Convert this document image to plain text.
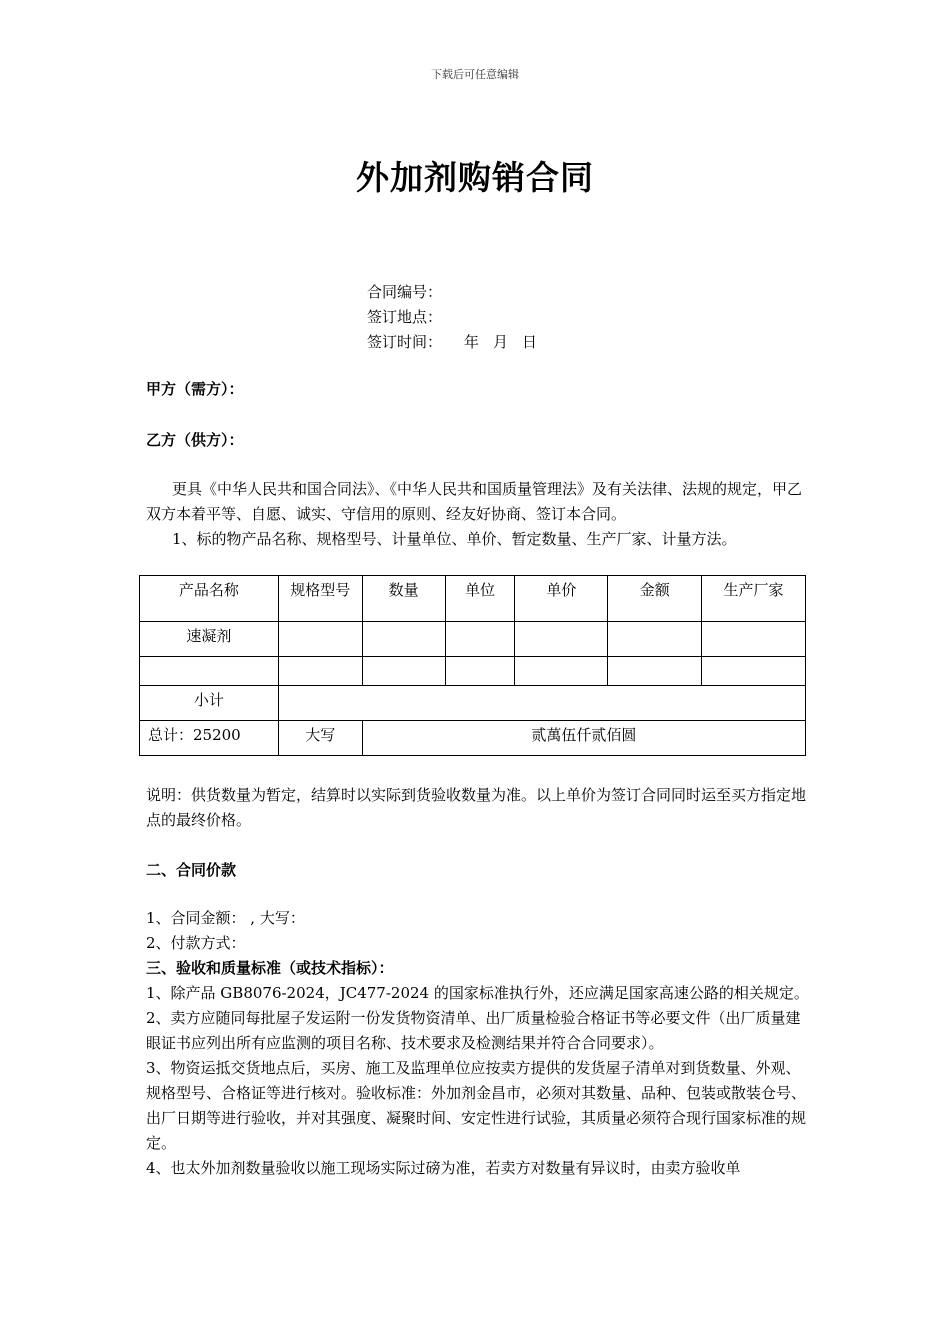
下载后可任意编辑
外加剂购销合同
合同编号：
签订地点：
签订时间： 年 月 日
甲方（需方）：
乙方（供方）：
更具《中华人民共和国合同法》、《中华人民共和国质量管理法》及有关法律、法规的规定，甲乙双方本着平等、自愿、诚实、守信用的原则、经友好协商、签订本合同。
1、标的物产品名称、规格型号、计量单位、单价、暂定数量、生产厂家、计量方法。
产品名称	规格型号	数量	单位	单价	金额	生产厂家
速凝剂						

小计						
总计：25200	大写	贰萬伍仟贰佰圆				
说明：供货数量为暂定，结算时以实际到货验收数量为准。以上单价为签订合同同时运至买方指定地点的最终价格。
二、合同价款
1、合同金额： , 大写：
2、付款方式：
三、验收和质量标准（或技术指标）：
1、除产品 GB8076-2024，JC477-2024 的国家标准执行外，还应满足国家高速公路的相关规定。
2、卖方应随同每批屋子发运附一份发货物资清单、出厂质量检验合格证书等必要文件（出厂质量建眼证书应列出所有应监测的项目名称、技术要求及检测结果并符合合同要求）。
3、物资运抵交货地点后，买房、施工及监理单位应按卖方提供的发货屋子清单对到货数量、外观、规格型号、合格证等进行核对。验收标准：外加剂金昌市，必须对其数量、品种、包装或散装仓号、出厂日期等进行验收，并对其强度、凝聚时间、安定性进行试验，其质量必须符合现行国家标准的规定。
4、也太外加剂数量验收以施工现场实际过磅为准，若卖方对数量有异议时，由卖方验收单
